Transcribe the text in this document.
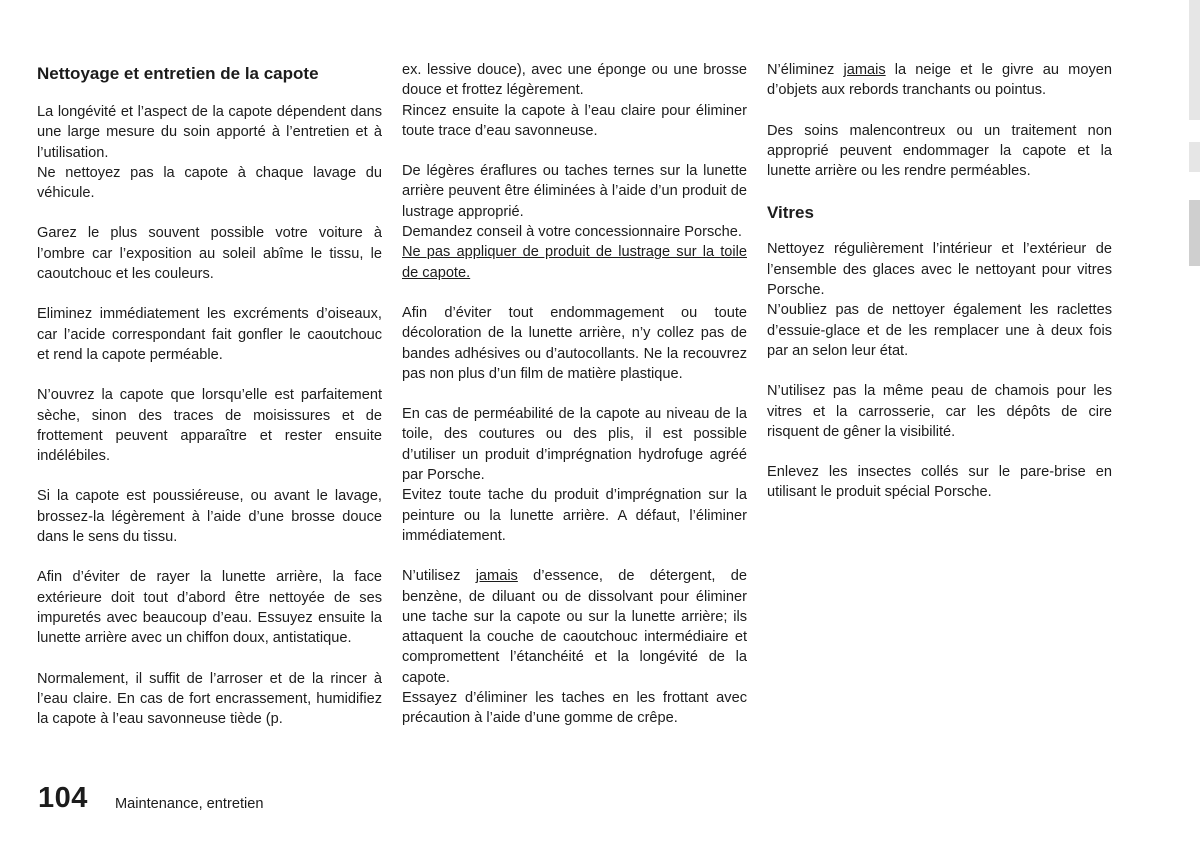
Nettoyage et entretien de la capote

La longévité et l’aspect de la capote dépendent dans une large mesure du soin apporté à l’entretien et à l’utilisation.

Ne nettoyez pas la capote à chaque lavage du véhicule.

Garez le plus souvent possible votre voiture à l’ombre car l’exposition au soleil abîme le tissu, le caoutchouc et les couleurs.

Eliminez immédiatement les excréments d’oiseaux, car l’acide correspondant fait gonfler le caoutchouc et rend la capote perméable.

N’ouvrez la capote que lorsqu’elle est parfaitement sèche, sinon des traces de moisissures et de frottement peuvent apparaître et rester ensuite indélébiles.

Si la capote est poussiéreuse, ou avant le lavage, brossez-la légèrement à l’aide d’une brosse douce dans le sens du tissu.

Afin d’éviter de rayer la lunette arrière, la face extérieure doit tout d’abord être nettoyée de ses impuretés avec beaucoup d’eau. Essuyez ensuite la lunette arrière avec un chiffon doux, antistatique.

Normalement, il suffit de l’arroser et de la rincer à l’eau claire. En cas de fort encrassement, humidifiez la capote à l’eau savonneuse tiède (p.

ex. lessive douce), avec une éponge ou une brosse douce et frottez légèrement.

Rincez ensuite la capote à l’eau claire pour éliminer toute trace d’eau savonneuse.

De légères éraflures ou taches ternes sur la lunette arrière peuvent être éliminées à l’aide d’un produit de lustrage approprié.

Demandez conseil à votre concessionnaire Porsche.

Ne pas appliquer de produit de lustrage sur la toile de capote.

Afin d’éviter tout endommagement ou toute décoloration de la lunette arrière, n’y collez pas de bandes adhésives ou d’autocollants. Ne la recouvrez pas non plus d’un film de matière plastique.

En cas de perméabilité de la capote au niveau de la toile, des coutures ou des plis, il est possible d’utiliser un produit d’imprégnation hydrofuge agréé par Porsche.

Evitez toute tache du produit d’imprégnation sur la peinture ou la lunette arrière. A défaut, l’éliminer immédiatement.

N’utilisez jamais d’essence, de détergent, de benzène, de diluant ou de dissolvant pour éliminer une tache sur la capote ou sur la lunette arrière; ils attaquent la couche de caoutchouc intermédiaire et compromettent l’étanchéité et la longévité de la capote.

Essayez d’éliminer les taches en les frottant avec précaution à l’aide d’une gomme de crêpe.

N’éliminez jamais la neige et le givre au moyen d’objets aux rebords tranchants ou pointus.

Des soins malencontreux ou un traitement non approprié peuvent endommager la capote et la lunette arrière ou les rendre perméables.

Vitres

Nettoyez régulièrement l’intérieur et l’extérieur de l’ensemble des glaces avec le nettoyant pour vitres Porsche.

N’oubliez pas de nettoyer également les raclettes d’essuie-glace et de les remplacer une à deux fois par an selon leur état.

N’utilisez pas la même peau de chamois pour les vitres et la carrosserie, car les dépôts de cire risquent de gêner la visibilité.

Enlevez les insectes collés sur le pare-brise en utilisant le produit spécial Porsche.

104 Maintenance, entretien
